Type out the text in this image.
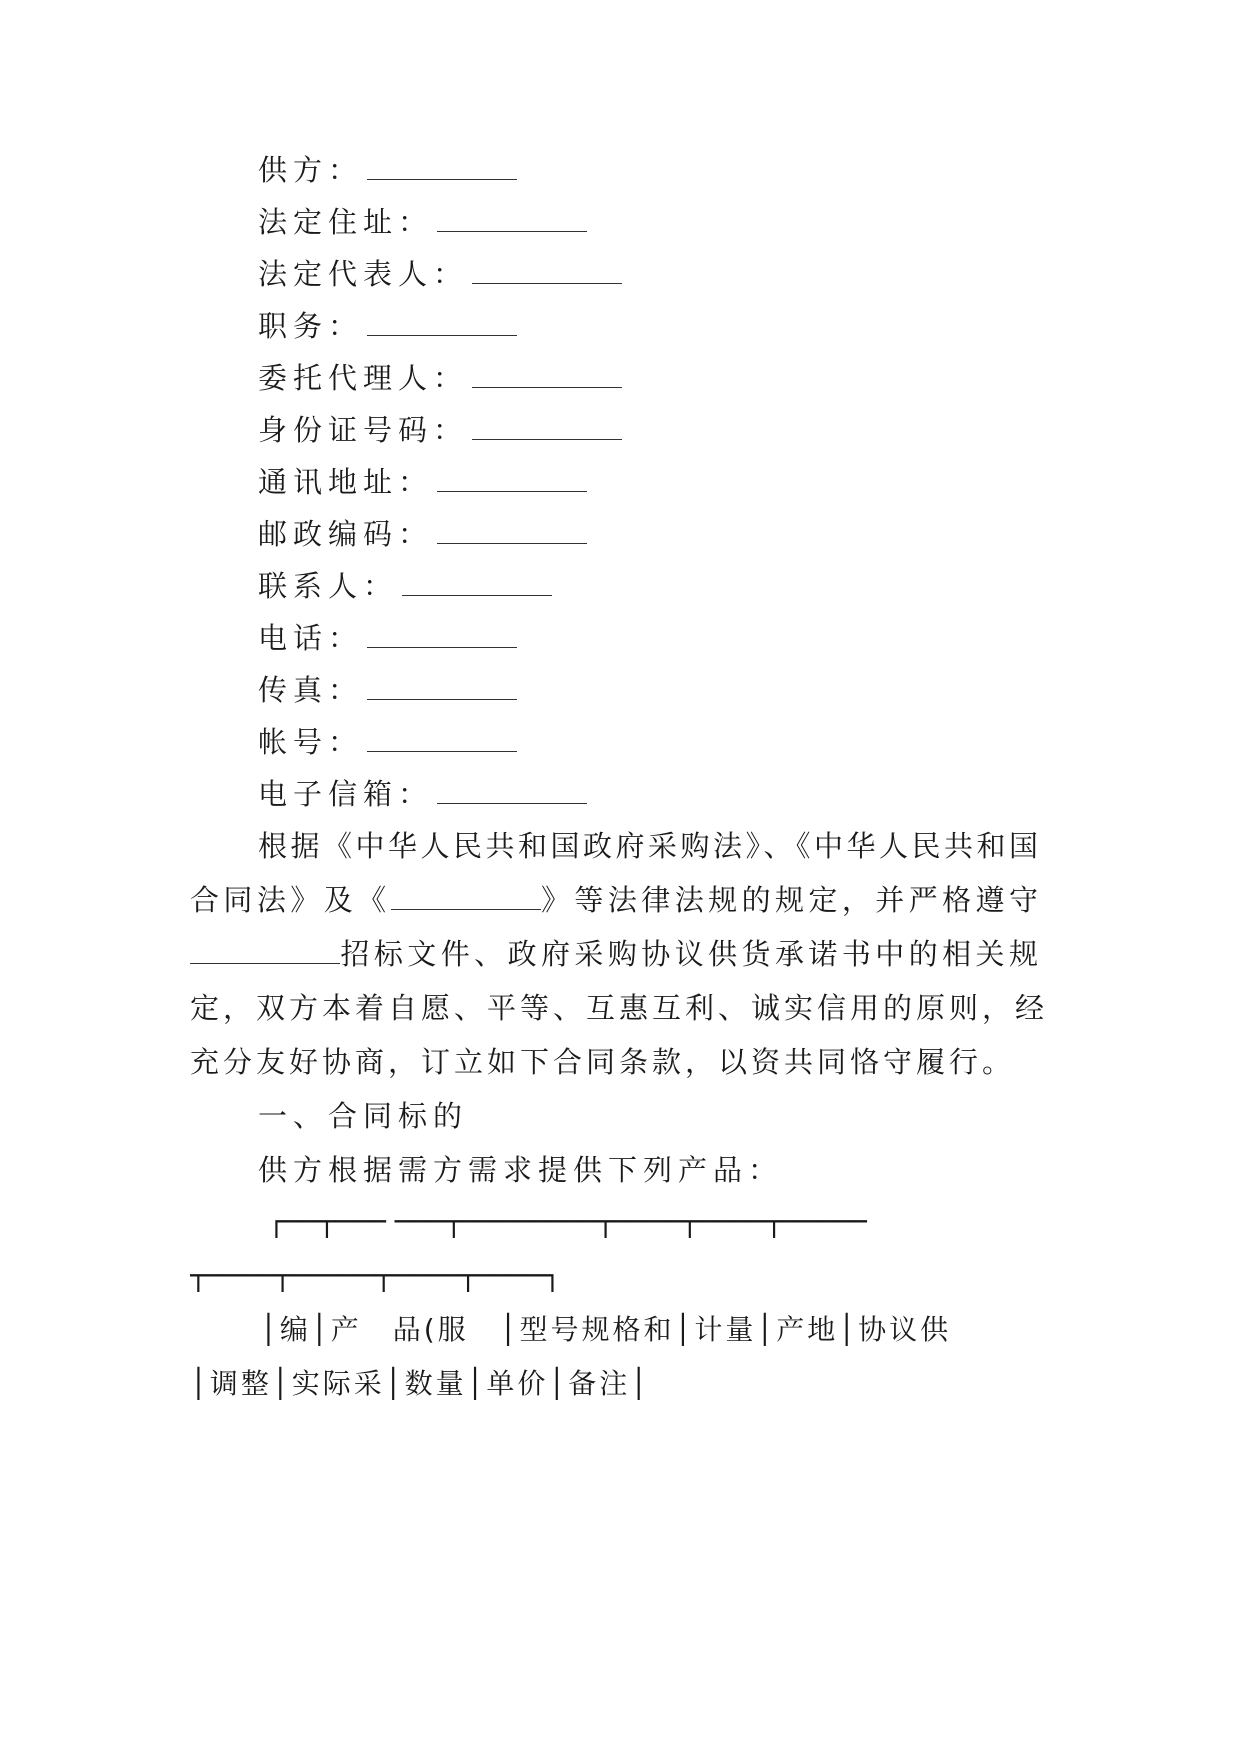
供方：
法定住址：
法定代表人：
职务：
委托代理人：
身份证号码：
通讯地址：
邮政编码：
联系人：
电话：
传真：
帐号：
电子信箱：
根据《中华人民共和国政府采购法》、《中华人民共和国
合同法》及《	》等法律法规的规定，并严格遵守
招标文件、政府采购协议供货承诺书中的相关规
定，双方本着自愿、平等、互惠互利、诚实信用的原则，经
充分友好协商，订立如下合同条款，以资共同恪守履行。
一、合同标的
供方根据需方需求提供下列产品：
┌──┬─── ───┬────────┬────┬────┬─────
┬────┬─────┬────┬────┐
│编│产　品(服　│型号规格和│计量│产地│协议供
│调整│实际采│数量│单价│备注│
